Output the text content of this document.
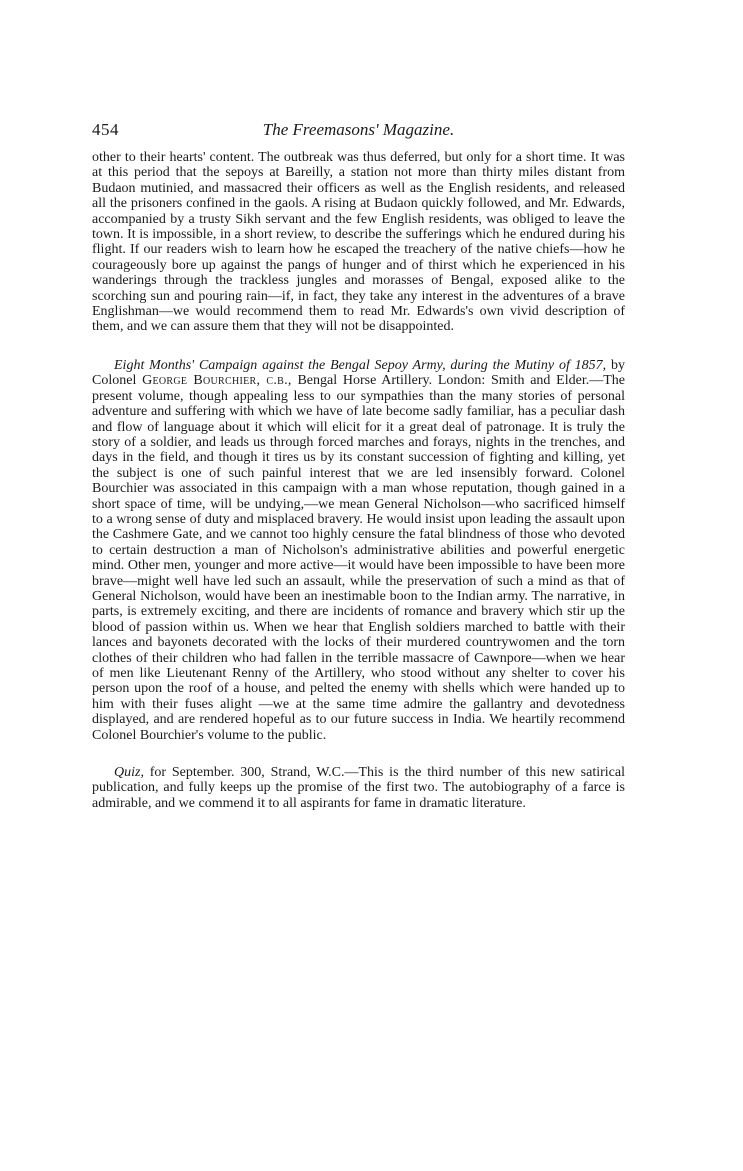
454	The Freemasons' Magazine.

other to their hearts' content. The outbreak was thus deferred, but only for a short time. It was at this period that the sepoys at Bareilly, a station not more than thirty miles distant from Budaon mutinied, and massacred their officers as well as the English residents, and released all the prisoners confined in the gaols. A rising at Budaon quickly followed, and Mr. Edwards, accompanied by a trusty Sikh servant and the few English residents, was obliged to leave the town. It is impossible, in a short review, to describe the sufferings which he endured during his flight. If our readers wish to learn how he escaped the treachery of the native chiefs—how he courageously bore up against the pangs of hunger and of thirst which he experienced in his wanderings through the trackless jungles and morasses of Bengal, exposed alike to the scorching sun and pouring rain—if, in fact, they take any interest in the adventures of a brave Englishman—we would recommend them to read Mr. Edwards's own vivid description of them, and we can assure them that they will not be disappointed.

Eight Months' Campaign against the Bengal Sepoy Army, during the Mutiny of 1857, by Colonel George Bourchier, c.b., Bengal Horse Artillery. London: Smith and Elder.—The present volume, though appealing less to our sympathies than the many stories of personal adventure and suffering with which we have of late become sadly familiar, has a peculiar dash and flow of language about it which will elicit for it a great deal of patronage. It is truly the story of a soldier, and leads us through forced marches and forays, nights in the trenches, and days in the field, and though it tires us by its constant succession of fighting and killing, yet the subject is one of such painful interest that we are led insensibly forward. Colonel Bourchier was associated in this campaign with a man whose reputation, though gained in a short space of time, will be undying,—we mean General Nicholson—who sacrificed himself to a wrong sense of duty and misplaced bravery. He would insist upon leading the assault upon the Cashmere Gate, and we cannot too highly censure the fatal blindness of those who devoted to certain destruction a man of Nicholson's administrative abilities and powerful energetic mind. Other men, younger and more active—it would have been impossible to have been more brave—might well have led such an assault, while the preservation of such a mind as that of General Nicholson, would have been an inestimable boon to the Indian army. The narrative, in parts, is extremely exciting, and there are incidents of romance and bravery which stir up the blood of passion within us. When we hear that English soldiers marched to battle with their lances and bayonets decorated with the locks of their murdered countrywomen and the torn clothes of their children who had fallen in the terrible massacre of Cawnpore—when we hear of men like Lieutenant Renny of the Artillery, who stood without any shelter to cover his person upon the roof of a house, and pelted the enemy with shells which were handed up to him with their fuses alight —we at the same time admire the gallantry and devotedness displayed, and are rendered hopeful as to our future success in India. We heartily recommend Colonel Bourchier's volume to the public.

Quiz, for September. 300, Strand, W.C.—This is the third number of this new satirical publication, and fully keeps up the promise of the first two. The autobiography of a farce is admirable, and we commend it to all aspirants for fame in dramatic literature.
